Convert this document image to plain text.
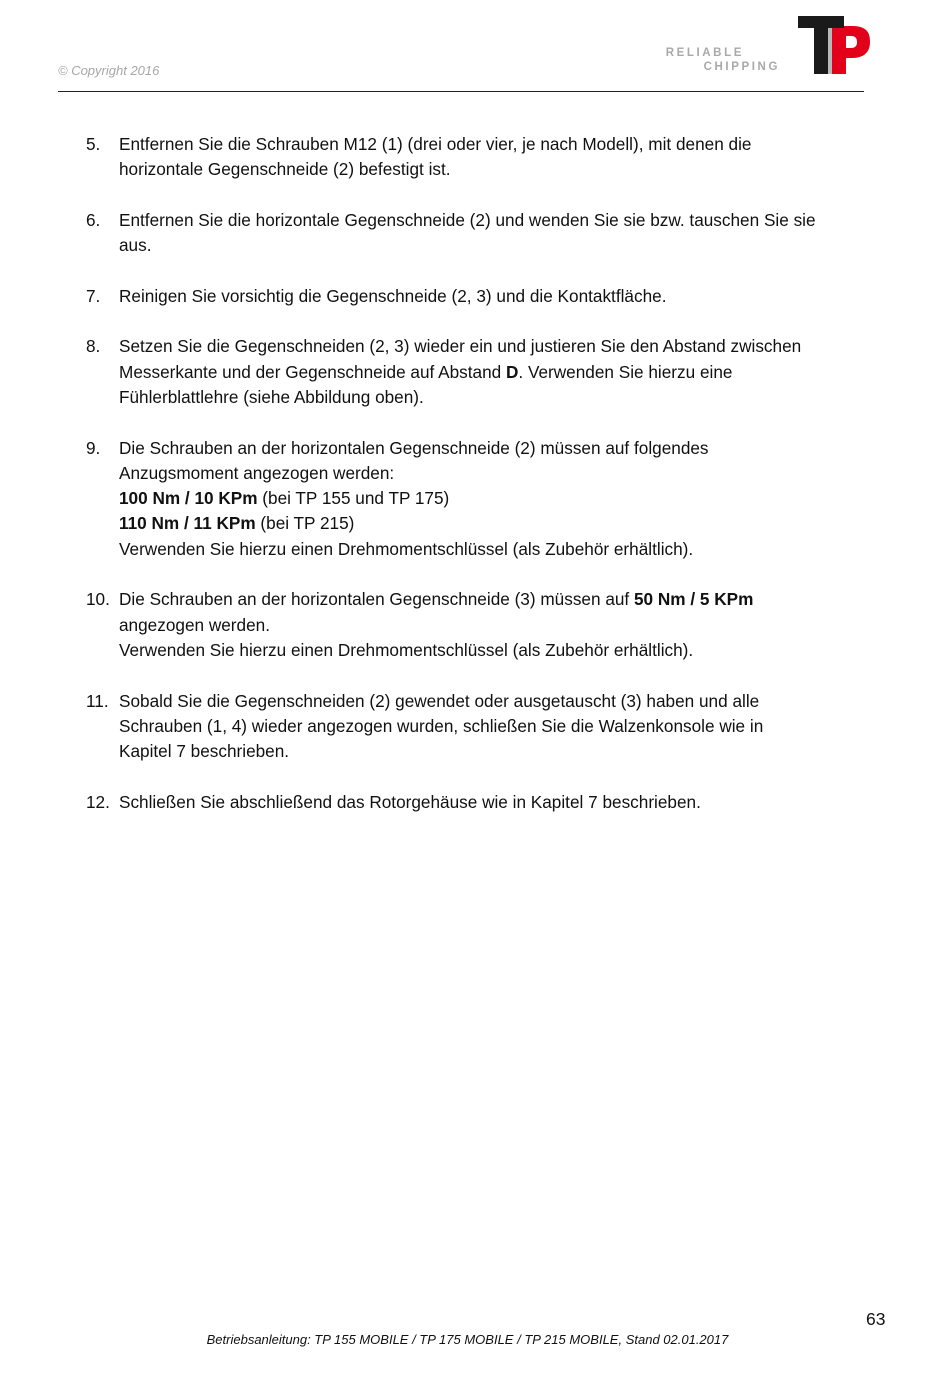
© Copyright 2016
RELIABLE
CHIPPING
5.	Entfernen Sie die Schrauben M12 (1) (drei oder vier, je nach Modell), mit denen die
horizontale Gegenschneide (2) befestigt ist.
6.	Entfernen Sie die horizontale Gegenschneide (2) und wenden Sie sie bzw. tauschen Sie sie
aus.
7.	Reinigen Sie vorsichtig die Gegenschneide (2, 3) und die Kontaktfläche.
8.	Setzen Sie die Gegenschneiden (2, 3) wieder ein und justieren Sie den Abstand zwischen
Messerkante und der Gegenschneide auf Abstand D. Verwenden Sie hierzu eine
Fühlerblattlehre (siehe Abbildung oben).
9.	Die Schrauben an der horizontalen Gegenschneide (2) müssen auf folgendes
Anzugsmoment angezogen werden:
100 Nm / 10 KPm (bei TP 155 und TP 175)
110 Nm / 11 KPm (bei TP 215)
Verwenden Sie hierzu einen Drehmomentschlüssel (als Zubehör erhältlich).
10. Die Schrauben an der horizontalen Gegenschneide (3) müssen auf 50 Nm / 5 KPm
angezogen werden.
Verwenden Sie hierzu einen Drehmomentschlüssel (als Zubehör erhältlich).
11. Sobald Sie die Gegenschneiden (2) gewendet oder ausgetauscht (3) haben und alle
Schrauben (1, 4) wieder angezogen wurden, schließen Sie die Walzenkonsole wie in
Kapitel 7 beschrieben.
12. Schließen Sie abschließend das Rotorgehäuse wie in Kapitel 7 beschrieben.
63
Betriebsanleitung: TP 155 MOBILE / TP 175 MOBILE / TP 215 MOBILE, Stand 02.01.2017
